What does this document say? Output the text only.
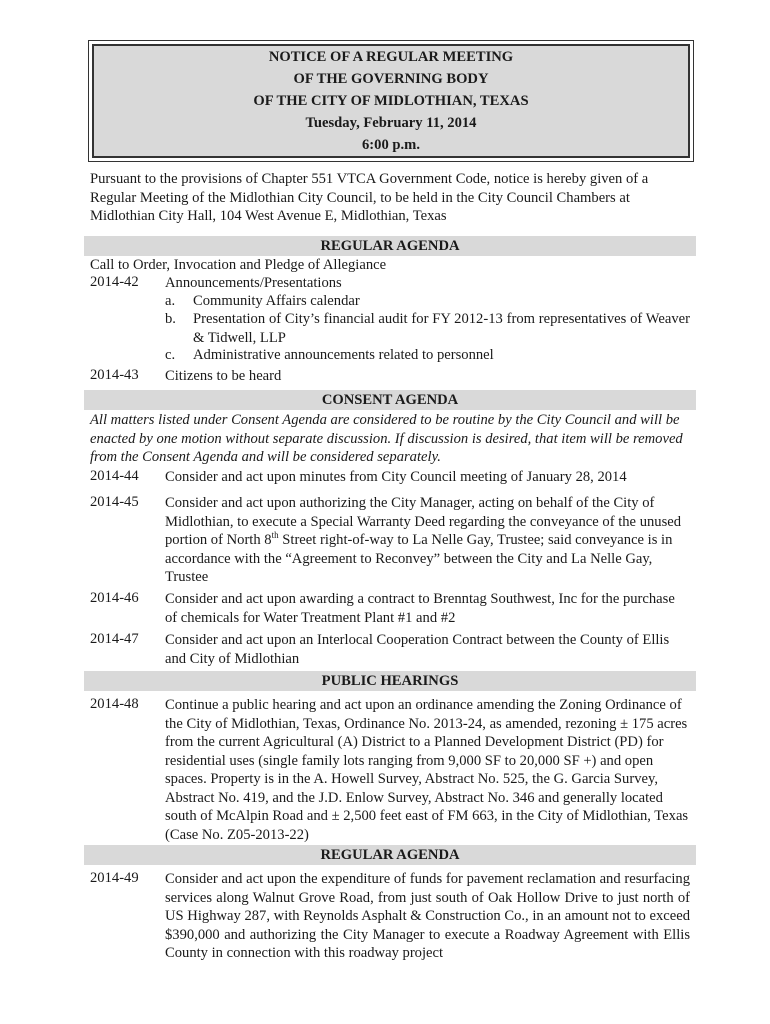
NOTICE OF A REGULAR MEETING
OF THE GOVERNING BODY
OF THE CITY OF MIDLOTHIAN, TEXAS
Tuesday, February 11, 2014
6:00 p.m.
Pursuant to the provisions of Chapter 551 VTCA Government Code, notice is hereby given of a Regular Meeting of the Midlothian City Council, to be held in the City Council Chambers at Midlothian City Hall, 104 West Avenue E, Midlothian, Texas
REGULAR AGENDA
Call to Order, Invocation and Pledge of Allegiance
2014-42	Announcements/Presentations
a.	Community Affairs calendar
b.	Presentation of City’s financial audit for FY 2012-13 from representatives of Weaver & Tidwell, LLP
c.	Administrative announcements related to personnel
2014-43	Citizens to be heard
CONSENT AGENDA
All matters listed under Consent Agenda are considered to be routine by the City Council and will be enacted by one motion without separate discussion. If discussion is desired, that item will be removed from the Consent Agenda and will be considered separately.
2014-44	Consider and act upon minutes from City Council meeting of January 28, 2014
2014-45	Consider and act upon authorizing the City Manager, acting on behalf of the City of Midlothian, to execute a Special Warranty Deed regarding the conveyance of the unused portion of North 8th Street right-of-way to La Nelle Gay, Trustee; said conveyance is in accordance with the “Agreement to Reconvey” between the City and La Nelle Gay, Trustee
2014-46	Consider and act upon awarding a contract to Brenntag Southwest, Inc for the purchase of chemicals for Water Treatment Plant #1 and #2
2014-47	Consider and act upon an Interlocal Cooperation Contract between the County of Ellis and City of Midlothian
PUBLIC HEARINGS
2014-48	Continue a public hearing and act upon an ordinance amending the Zoning Ordinance of the City of Midlothian, Texas, Ordinance No. 2013-24, as amended, rezoning ± 175 acres from the current Agricultural (A) District to a Planned Development District (PD) for residential uses (single family lots ranging from 9,000 SF to 20,000 SF +) and open spaces. Property is in the A. Howell Survey, Abstract No. 525, the G. Garcia Survey, Abstract No. 419, and the J.D. Enlow Survey, Abstract No. 346 and generally located south of McAlpin Road and ± 2,500 feet east of FM 663, in the City of Midlothian, Texas (Case No. Z05-2013-22)
REGULAR AGENDA
2014-49	Consider and act upon the expenditure of funds for pavement reclamation and resurfacing services along Walnut Grove Road, from just south of Oak Hollow Drive to just north of US Highway 287, with Reynolds Asphalt & Construction Co., in an amount not to exceed $390,000 and authorizing the City Manager to execute a Roadway Agreement with Ellis County in connection with this roadway project
